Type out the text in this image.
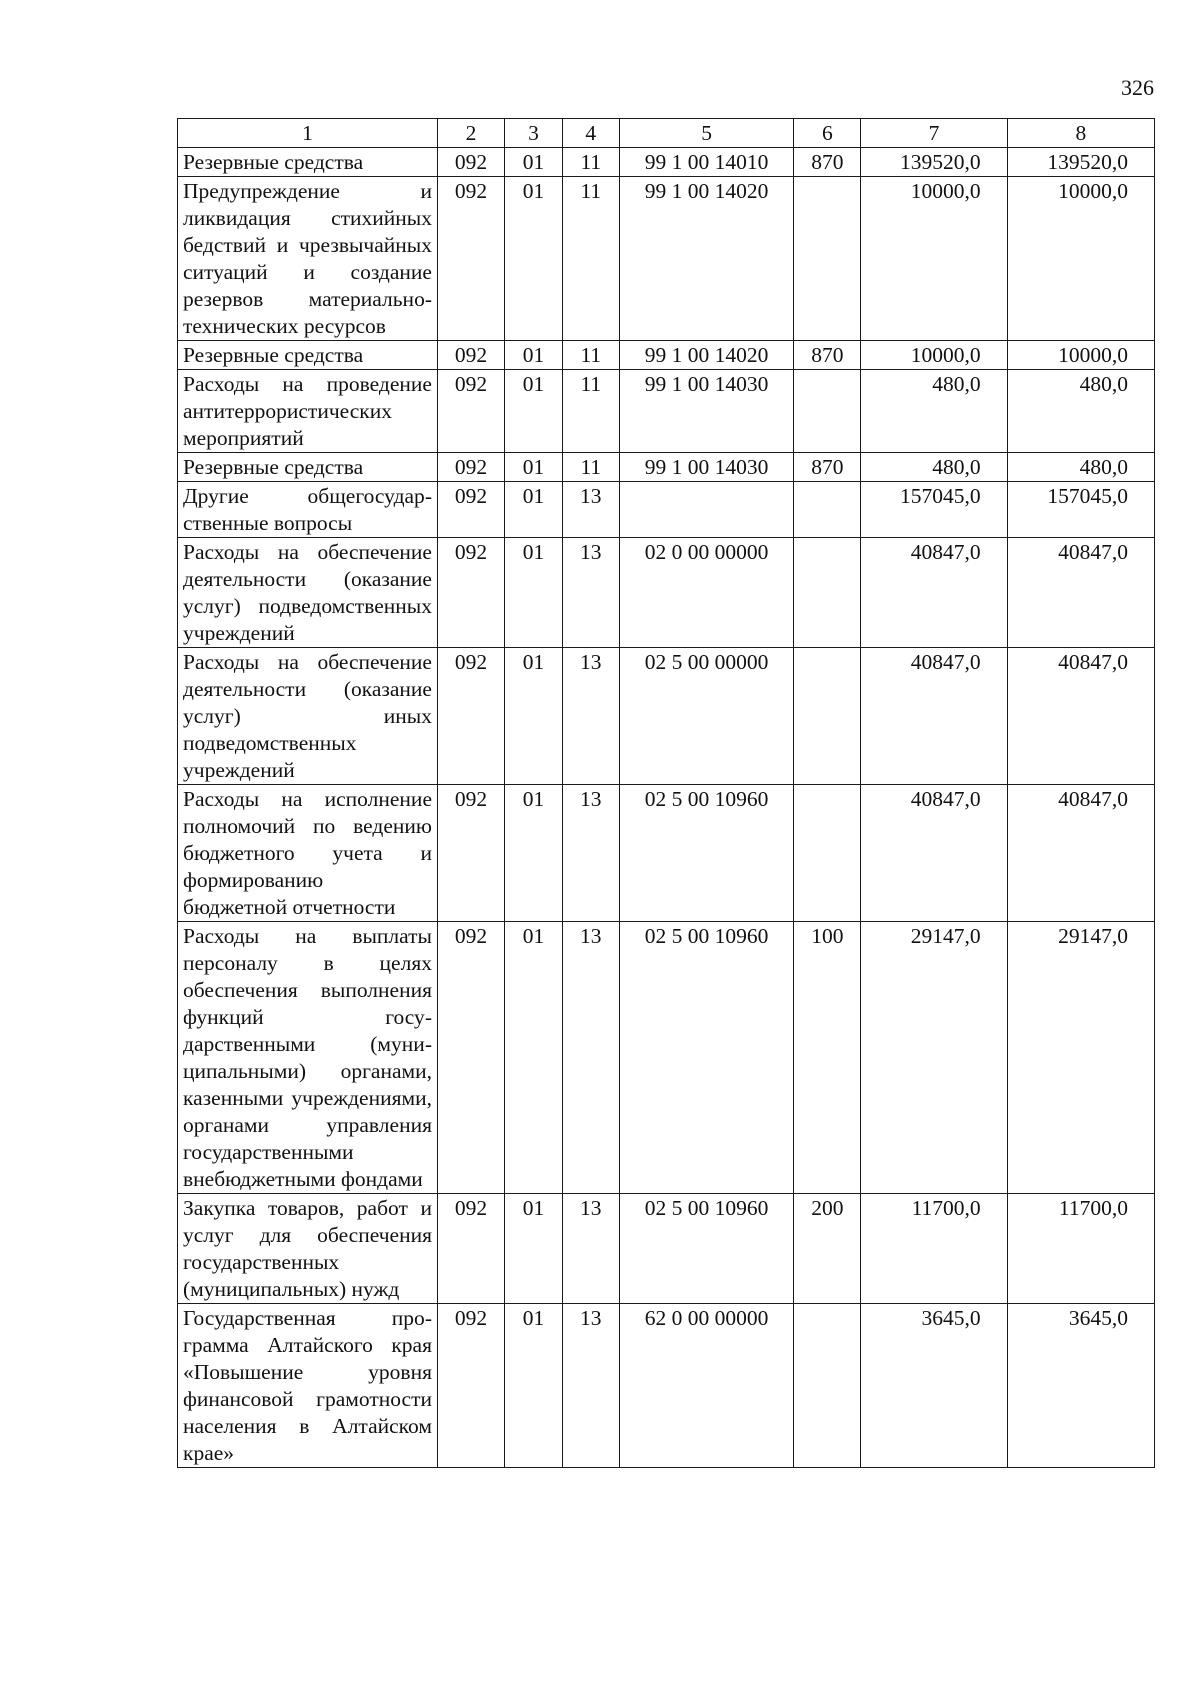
326
1	2	3	4	5	6	7	8
Резервные средства	092	01	11	99 1 00 14010	870	139520,0	139520,0
Предупреждение и ликвидация стихийных бедствий и чрезвычайных ситуаций и создание резервов материально-технических ресурсов	092	01	11	99 1 00 14020		10000,0	10000,0
Резервные средства	092	01	11	99 1 00 14020	870	10000,0	10000,0
Расходы на проведение антитеррористических мероприятий	092	01	11	99 1 00 14030		480,0	480,0
Резервные средства	092	01	11	99 1 00 14030	870	480,0	480,0
Другие общегосударственные вопросы	092	01	13			157045,0	157045,0
Расходы на обеспечение деятельности (оказание услуг) подведомственных учреждений	092	01	13	02 0 00 00000		40847,0	40847,0
Расходы на обеспечение деятельности (оказание услуг) иных подведомственных учреждений	092	01	13	02 5 00 00000		40847,0	40847,0
Расходы на исполнение полномочий по ведению бюджетного учета и формированию бюджетной отчетности	092	01	13	02 5 00 10960		40847,0	40847,0
Расходы на выплаты персоналу в целях обеспечения выполнения функций государственными (муниципальными) органами, казенными учреждениями, органами управления государственными внебюджетными фондами	092	01	13	02 5 00 10960	100	29147,0	29147,0
Закупка товаров, работ и услуг для обеспечения государственных (муниципальных) нужд	092	01	13	02 5 00 10960	200	11700,0	11700,0
Государственная программа Алтайского края «Повышение уровня финансовой грамотности населения в Алтайском крае»	092	01	13	62 0 00 00000		3645,0	3645,0
